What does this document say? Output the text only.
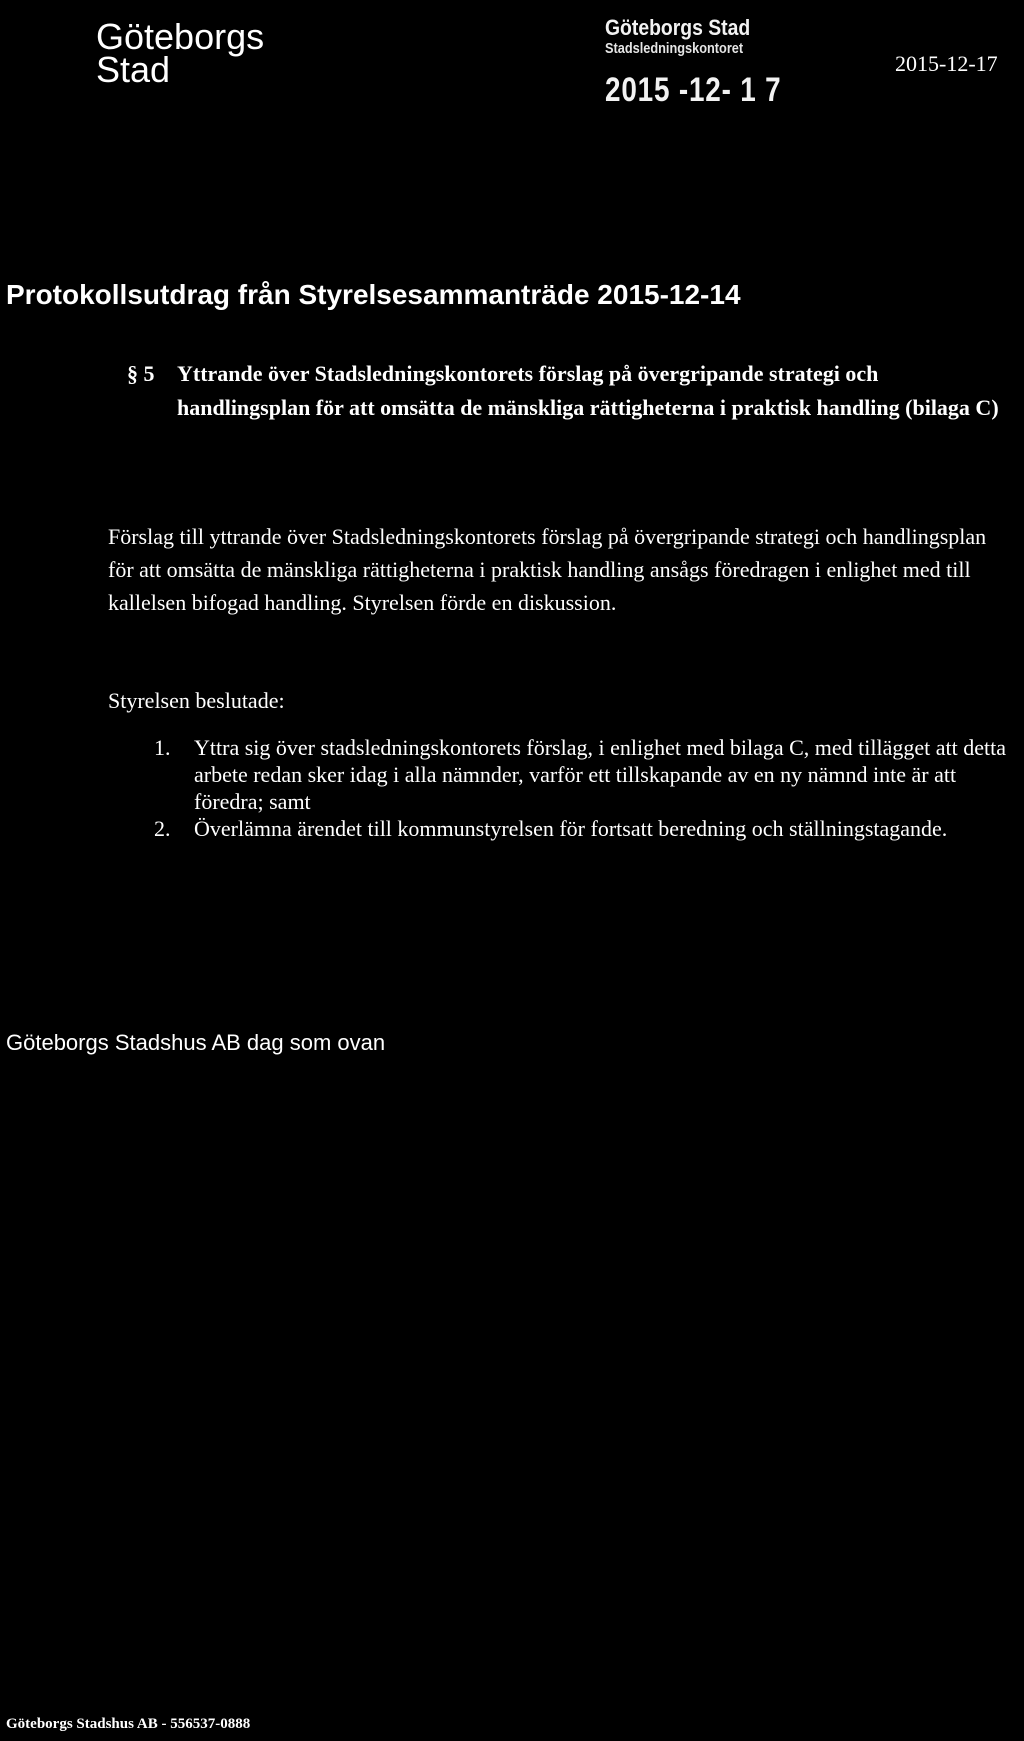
Göteborgs
Stad
Göteborgs Stad
Stadsledningskontoret
2015 -12- 1 7
2015-12-17
Protokollsutdrag från Styrelsesammanträde 2015-12-14
§ 5 Yttrande över Stadsledningskontorets förslag på övergripande strategi och handlingsplan för att omsätta de mänskliga rättigheterna i praktisk handling (bilaga C)
Förslag till yttrande över Stadsledningskontorets förslag på övergripande strategi och handlingsplan för att omsätta de mänskliga rättigheterna i praktisk handling ansågs föredragen i enlighet med till kallelsen bifogad handling. Styrelsen förde en diskussion.
Styrelsen beslutade:
1. Yttra sig över stadsledningskontorets förslag, i enlighet med bilaga C, med tillägget att detta arbete redan sker idag i alla nämnder, varför ett tillskapande av en ny nämnd inte är att föredra; samt
2. Överlämna ärendet till kommunstyrelsen för fortsatt beredning och ställningstagande.
Göteborgs Stadshus AB dag som ovan
Göteborgs Stadshus AB - 556537-0888
